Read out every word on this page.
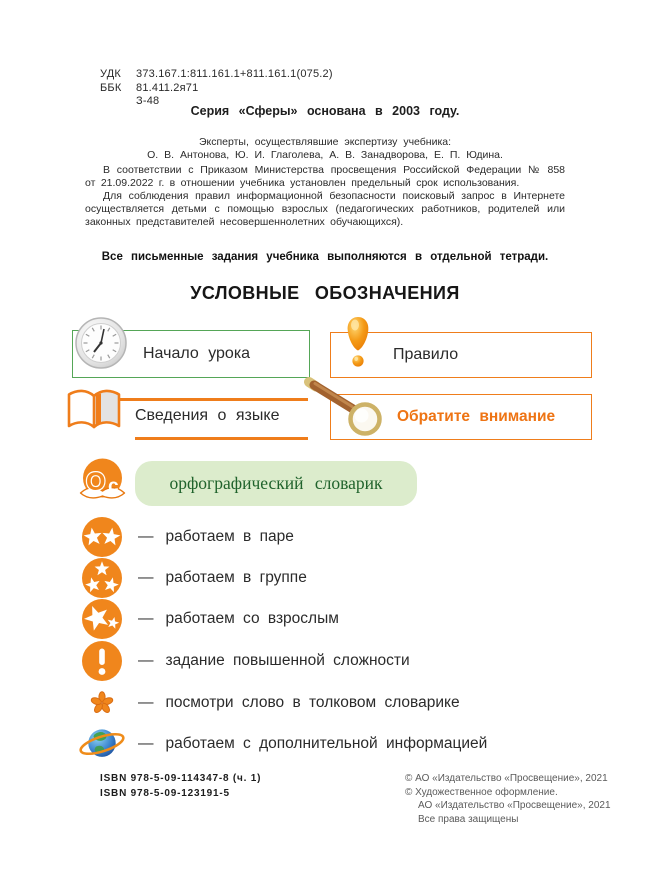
УДК	373.167.1:811.161.1+811.161.1(075.2)
ББК	81.411.2я71
З-48
Серия «Сферы» основана в 2003 году.
Эксперты, осуществлявшие экспертизу учебника:
О. В. Антонова, Ю. И. Глаголева, А. В. Занадворова, Е. П. Юдина.

В соответствии с Приказом Министерства просвещения Российской Федерации № 858 от 21.09.2022 г. в отношении учебника установлен предельный срок использования.

Для соблюдения правил информационной безопасности поисковый запрос в Интернете осуществляется детьми с помощью взрослых (педагогических работников, родителей или законных представителей несовершеннолетних обучающихся).

Все письменные задания учебника выполняются в отдельной тетради.
УСЛОВНЫЕ ОБОЗНАЧЕНИЯ
Начало урока	Правило
Сведения о языке	Обратите внимание
О с	орфографический словарик
— работаем в паре
— работаем в группе
— работаем со взрослым
— задание повышенной сложности
— посмотри слово в толковом словарике
— работаем с дополнительной информацией
ISBN 978-5-09-114347-8 (ч. 1)
ISBN 978-5-09-123191-5
© АО «Издательство «Просвещение», 2021
© Художественное оформление.
АО «Издательство «Просвещение», 2021
Все права защищены
